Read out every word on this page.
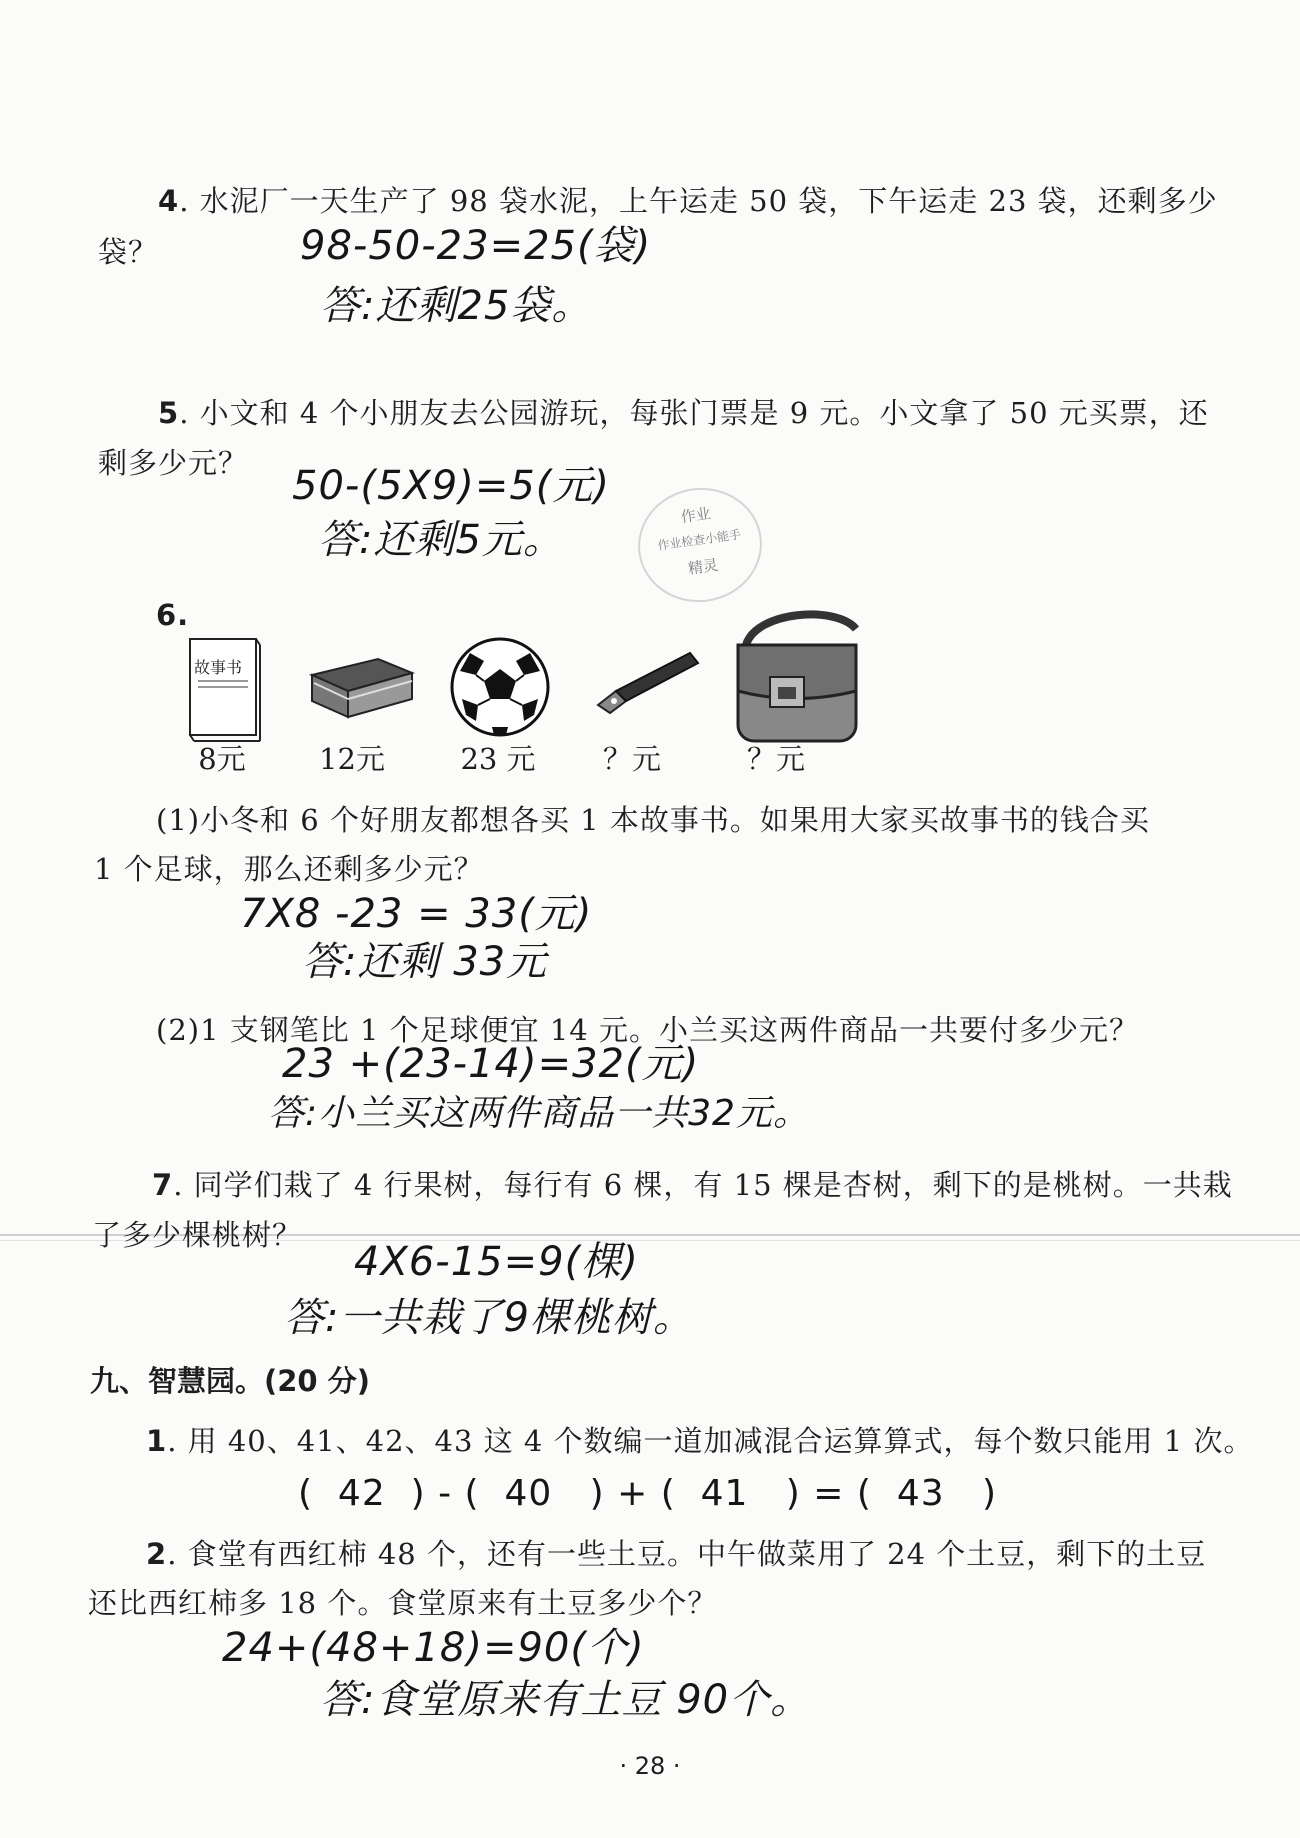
4. 水泥厂一天生产了 98 袋水泥，上午运走 50 袋，下午运走 23 袋，还剩多少
袋？	98-50-23=25(袋)
答:还剩25袋。
5. 小文和 4 个小朋友去公园游玩，每张门票是 9 元。小文拿了 50 元买票，还
剩多少元？ 50-(5X9)=5(元)
答:还剩5元。
作业
作业检查小能手
精灵
6.
故事书
8元	12元	23 元	？元	？元
(1)小冬和 6 个好朋友都想各买 1 本故事书。如果用大家买故事书的钱合买
1 个足球，那么还剩多少元？
7X8 -23 = 33(元)
答:还剩 33元
(2)1 支钢笔比 1 个足球便宜 14 元。小兰买这两件商品一共要付多少元？
23 +(23-14)=32(元)
答:小兰买这两件商品一共32元。
7. 同学们栽了 4 行果树，每行有 6 棵，有 15 棵是杏树，剩下的是桃树。一共栽
了多少棵桃树？
4X6-15=9(棵)
答:一共栽了9棵桃树。
九、智慧园。(20 分)
1. 用 40、41、42、43 这 4 个数编一道加减混合运算算式，每个数只能用 1 次。
(  42  ) - (  40   ) + (  41   ) = (  43   )
2. 食堂有西红柿 48 个，还有一些土豆。中午做菜用了 24 个土豆，剩下的土豆
还比西红柿多 18 个。食堂原来有土豆多少个？
24+(48+18)=90(个)
答:食堂原来有土豆 90个。
· 28 ·
